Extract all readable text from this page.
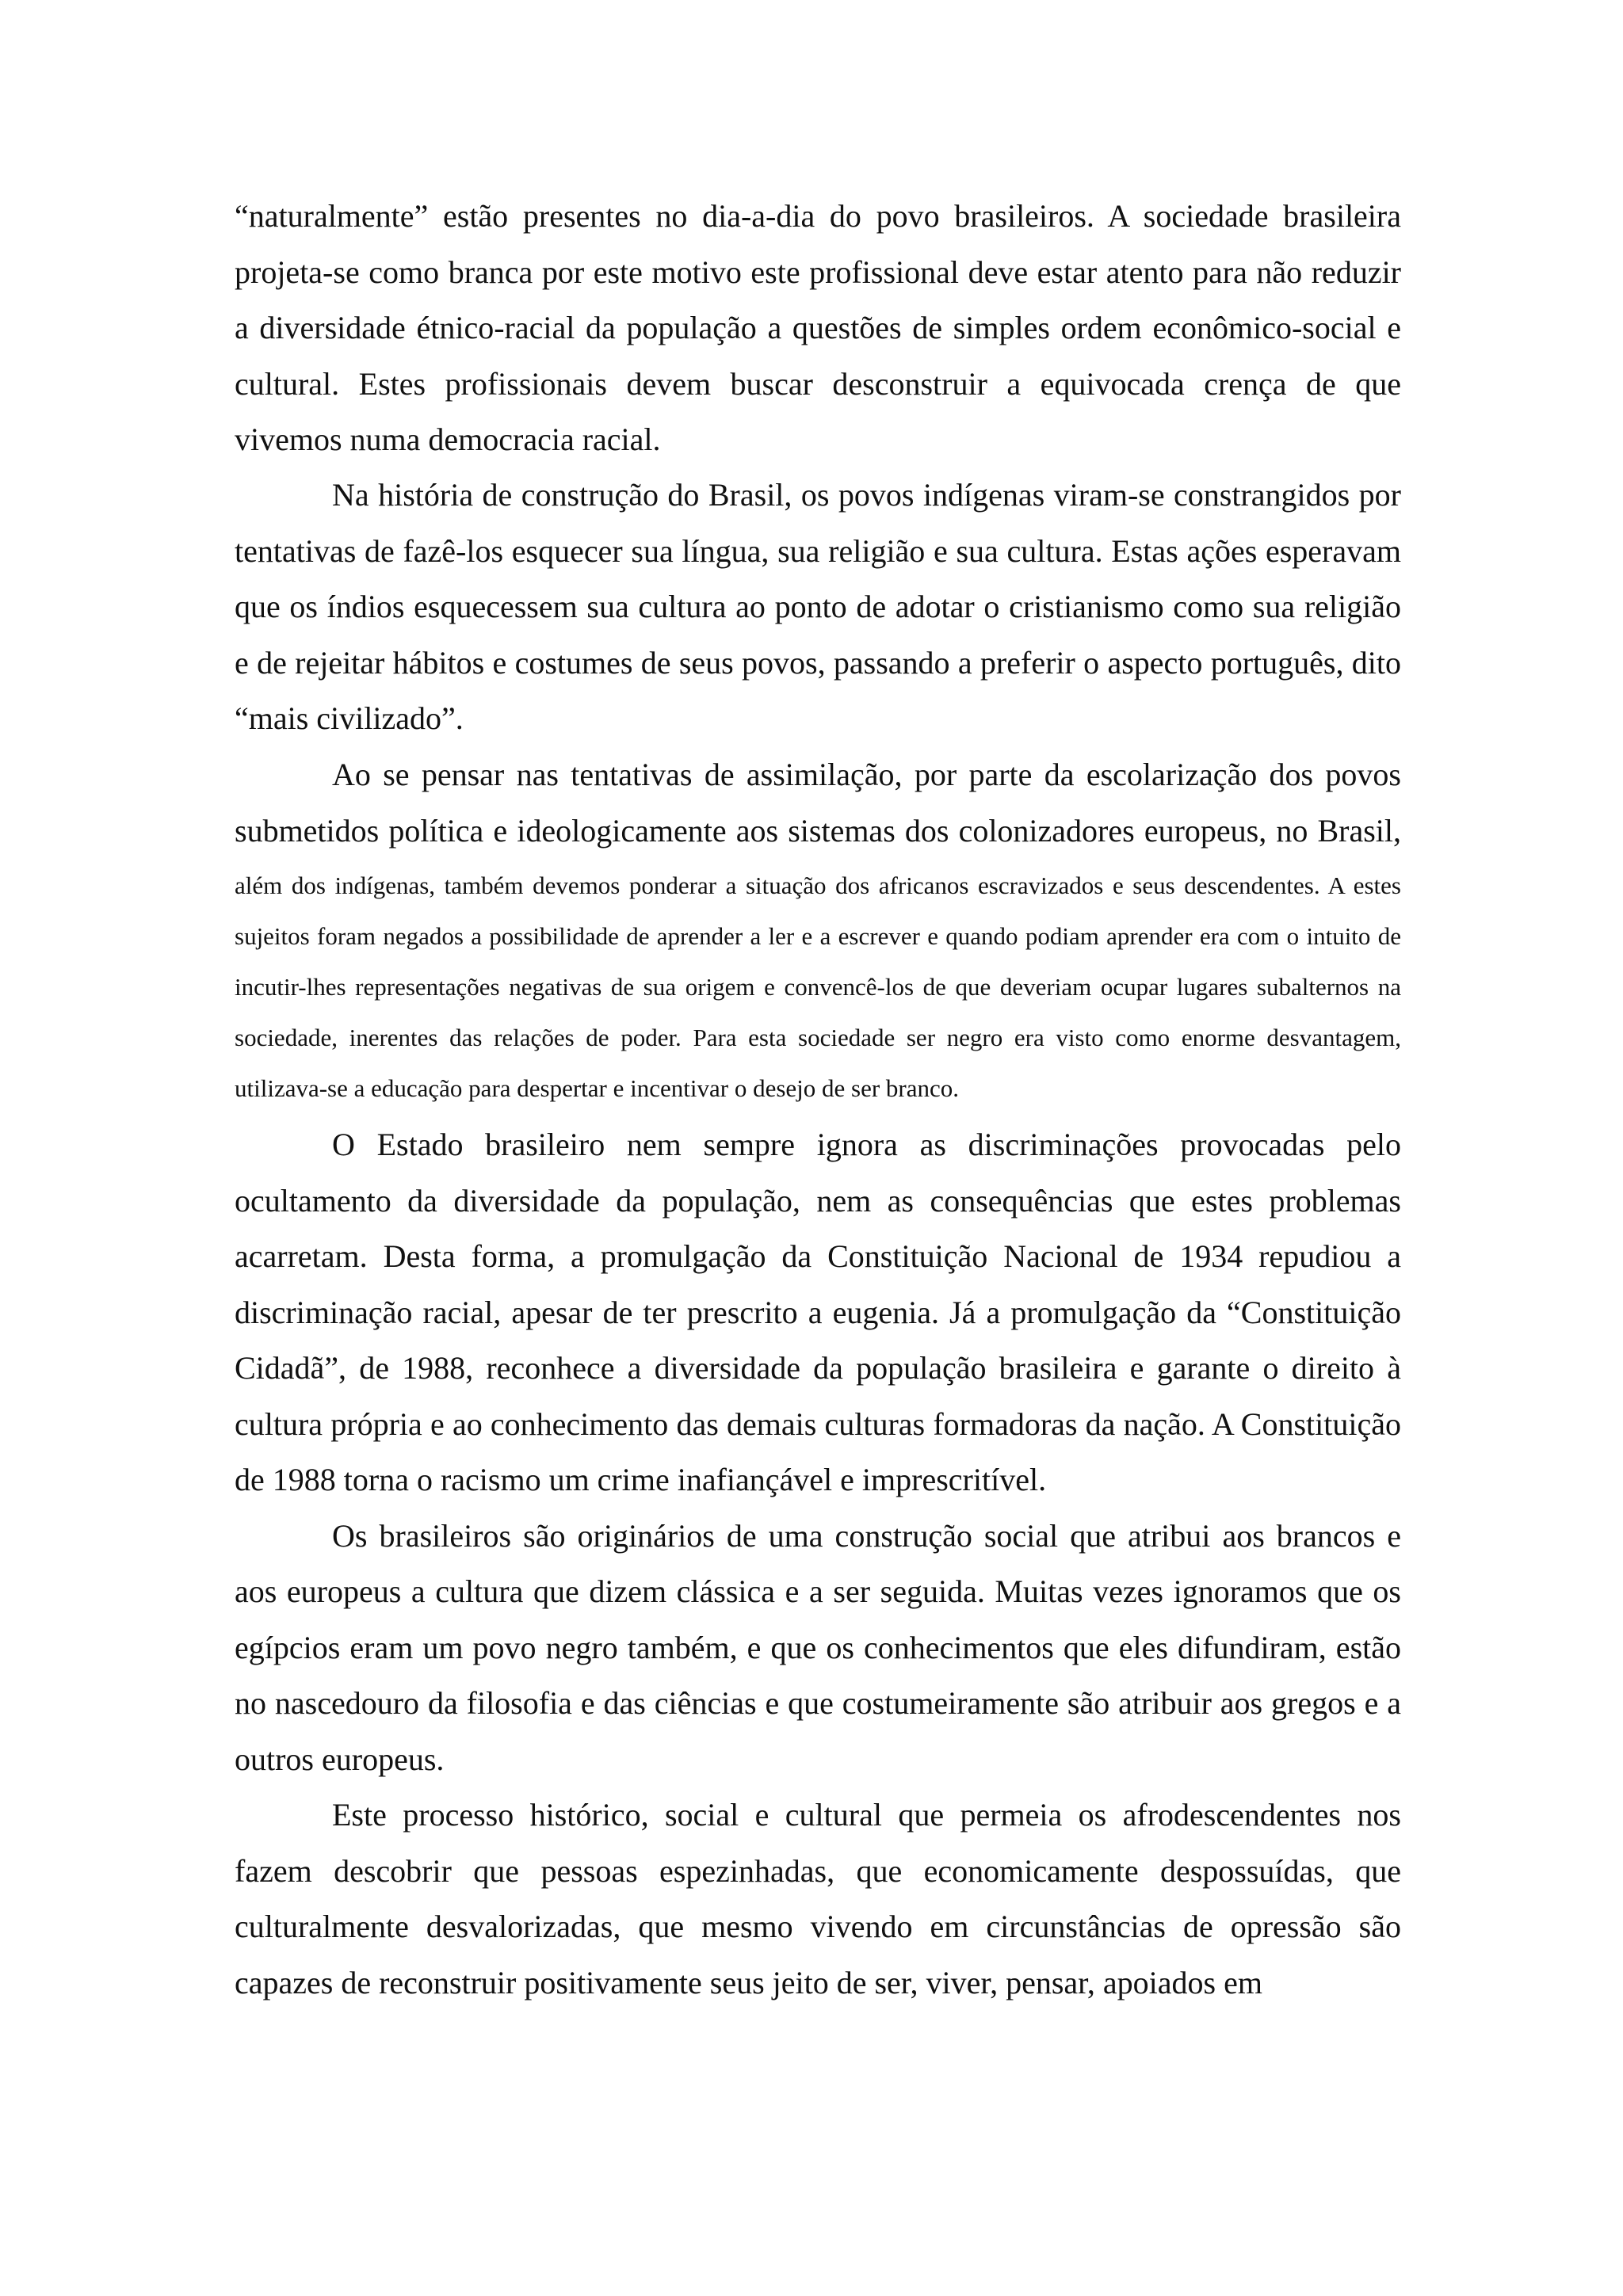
“naturalmente” estão presentes no dia-a-dia do povo brasileiros. A sociedade brasileira projeta-se como branca por este motivo este profissional deve estar atento para não reduzir a diversidade étnico-racial da população a questões de simples ordem econômico-social e cultural. Estes profissionais devem buscar desconstruir a equivocada crença de que vivemos numa democracia racial.

Na história de construção do Brasil, os povos indígenas viram-se constrangidos por tentativas de fazê-los esquecer sua língua, sua religião e sua cultura. Estas ações esperavam que os índios esquecessem sua cultura ao ponto de adotar o cristianismo como sua religião e de rejeitar hábitos e costumes de seus povos, passando a preferir o aspecto português, dito “mais civilizado”.

Ao se pensar nas tentativas de assimilação, por parte da escolarização dos povos submetidos política e ideologicamente aos sistemas dos colonizadores europeus, no Brasil, além dos indígenas, também devemos ponderar a situação dos africanos escravizados e seus descendentes. A estes sujeitos foram negados a possibilidade de aprender a ler e a escrever e quando podiam aprender era com o intuito de incutir-lhes representações negativas de sua origem e convencê-los de que deveriam ocupar lugares subalternos na sociedade, inerentes das relações de poder. Para esta sociedade ser negro era visto como enorme desvantagem, utilizava-se a educação para despertar e incentivar o desejo de ser branco.

O Estado brasileiro nem sempre ignora as discriminações provocadas pelo ocultamento da diversidade da população, nem as consequências que estes problemas acarretam. Desta forma, a promulgação da Constituição Nacional de 1934 repudiou a discriminação racial, apesar de ter prescrito a eugenia. Já a promulgação da “Constituição Cidadã”, de 1988, reconhece a diversidade da população brasileira e garante o direito à cultura própria e ao conhecimento das demais culturas formadoras da nação. A Constituição de 1988 torna o racismo um crime inafiançável e imprescritível.

Os brasileiros são originários de uma construção social que atribui aos brancos e aos europeus a cultura que dizem clássica e a ser seguida. Muitas vezes ignoramos que os egípcios eram um povo negro também, e que os conhecimentos que eles difundiram, estão no nascedouro da filosofia e das ciências e que costumeiramente são atribuir aos gregos e a outros europeus.

Este processo histórico, social e cultural que permeia os afrodescendentes nos fazem descobrir que pessoas espezinhadas, que economicamente despossuídas, que culturalmente desvalorizadas, que mesmo vivendo em circunstâncias de opressão são capazes de reconstruir positivamente seus jeito de ser, viver, pensar, apoiados em
